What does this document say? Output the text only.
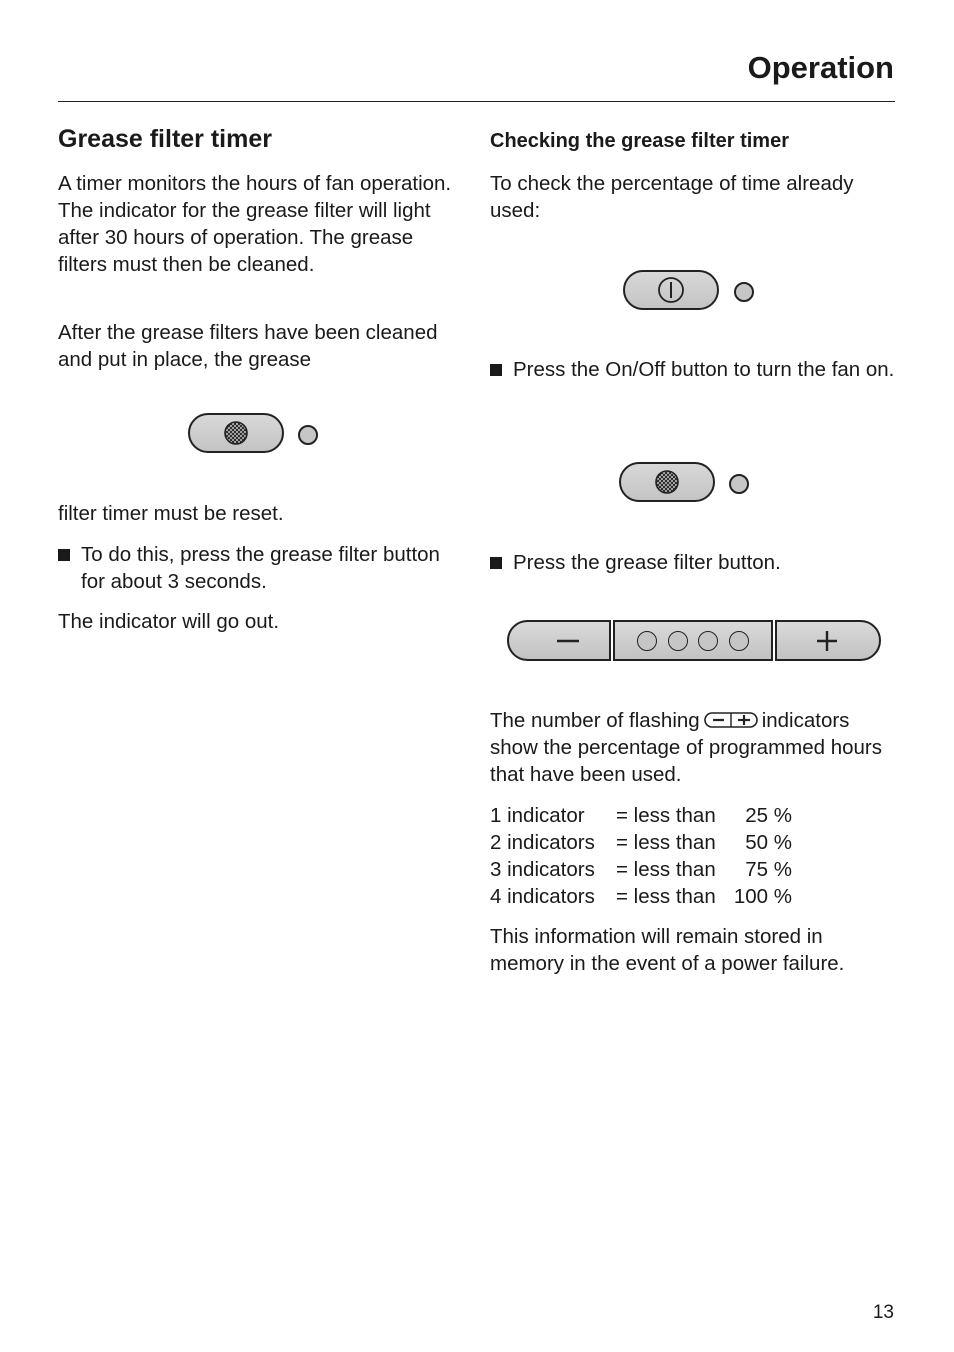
Operation
Grease filter timer

A timer monitors the hours of fan operation. The indicator for the grease filter will light after 30 hours of operation. The grease filters must then be cleaned.

After the grease filters have been cleaned and put in place, the grease

filter timer must be reset.

To do this, press the grease filter button for about 3 seconds.

The indicator will go out.

Checking the grease filter timer

To check the percentage of time already used:

Press the On/Off button to turn the fan on.
Press the grease filter button.

The number of flashing	indicators show the percentage of programmed hours that have been used.

1 indicator	= less than	25 %
2 indicators	= less than	50 %
3 indicators	= less than	75 %
4 indicators	= less than 100 %

This information will remain stored in memory in the event of a power failure.

13
